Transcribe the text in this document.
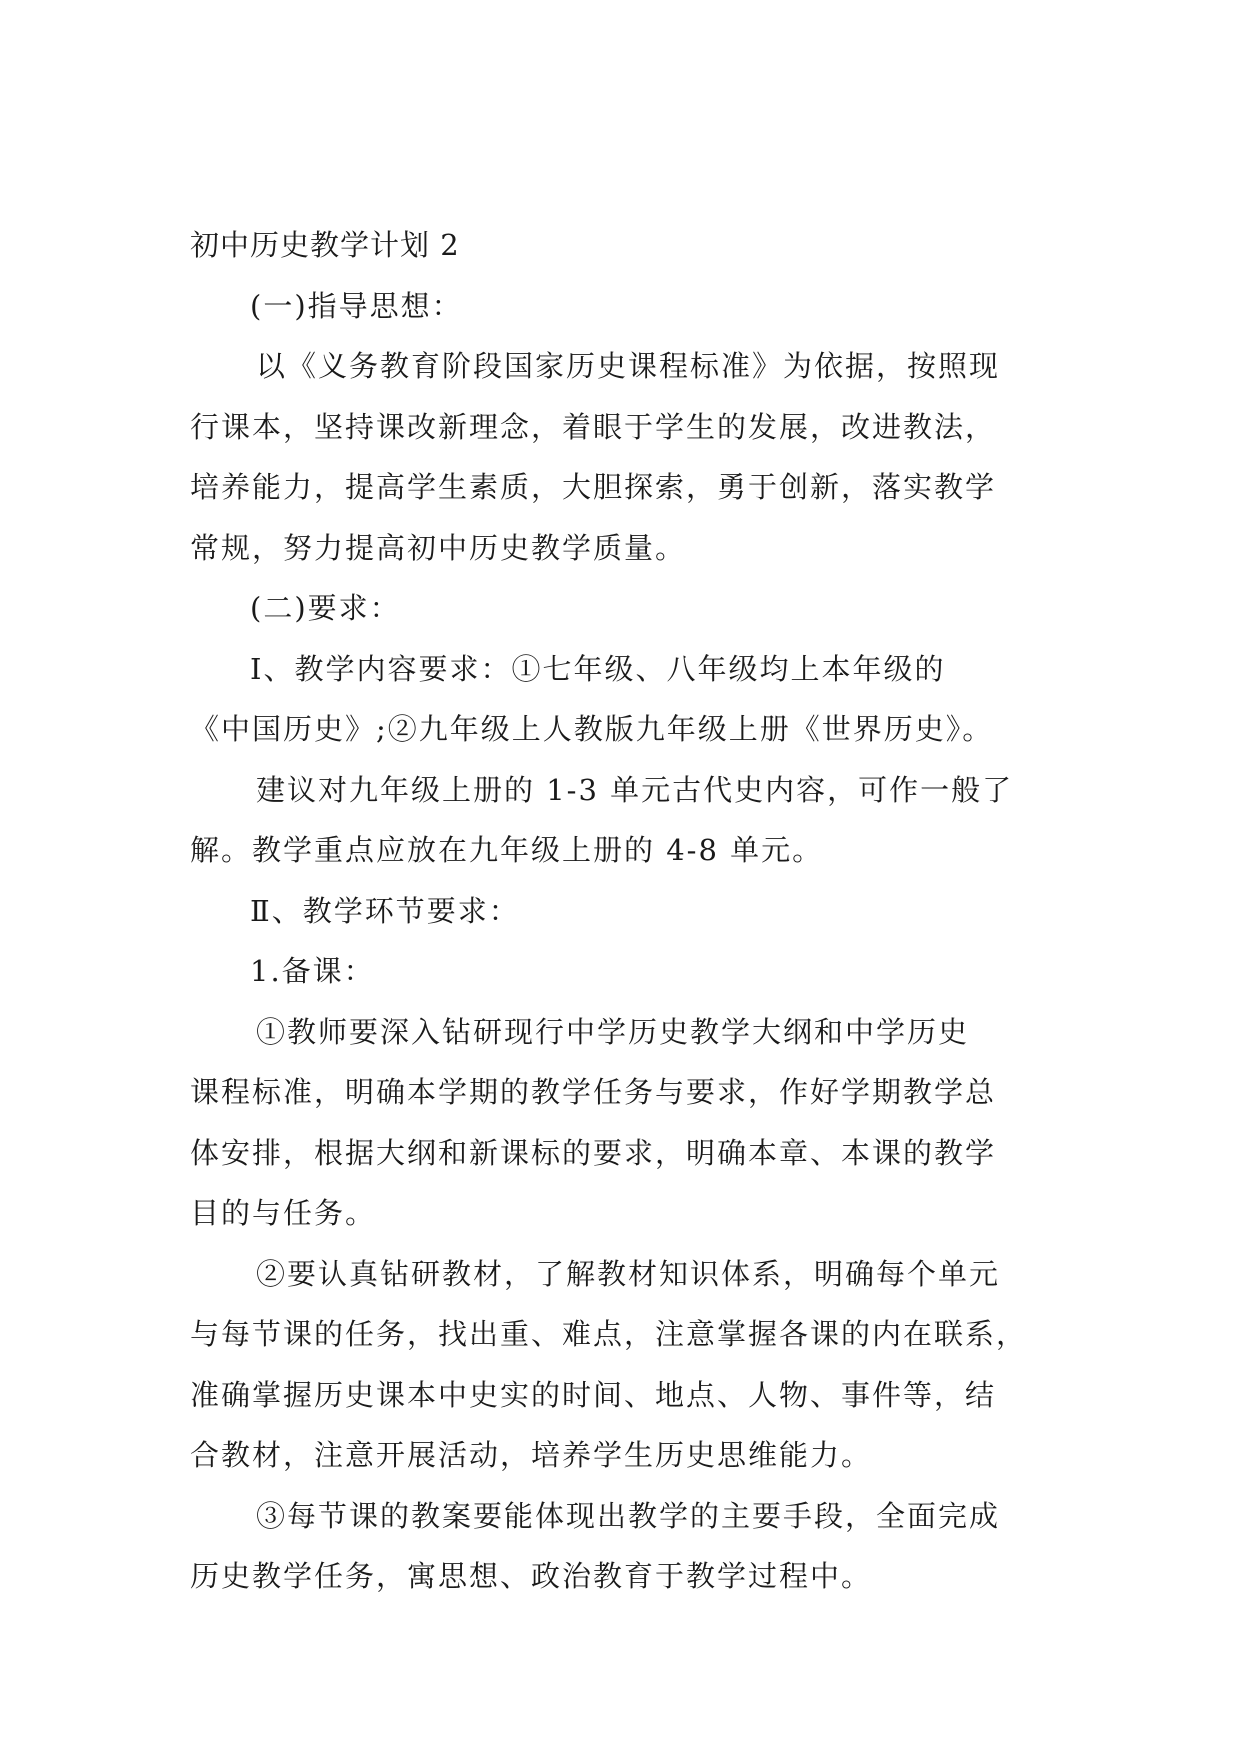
初中历史教学计划 2
(一)指导思想：
以《义务教育阶段国家历史课程标准》为依据，按照现
行课本，坚持课改新理念，着眼于学生的发展，改进教法，
培养能力，提高学生素质，大胆探索，勇于创新，落实教学
常规，努力提高初中历史教学质量。
(二)要求：
Ⅰ、教学内容要求：①七年级、八年级均上本年级的
《中国历史》;②九年级上人教版九年级上册《世界历史》。
建议对九年级上册的 1-3 单元古代史内容，可作一般了
解。教学重点应放在九年级上册的 4-8 单元。
Ⅱ、教学环节要求：
1.备课：
①教师要深入钻研现行中学历史教学大纲和中学历史
课程标准，明确本学期的教学任务与要求，作好学期教学总
体安排，根据大纲和新课标的要求，明确本章、本课的教学
目的与任务。
②要认真钻研教材，了解教材知识体系，明确每个单元
与每节课的任务，找出重、难点，注意掌握各课的内在联系，
准确掌握历史课本中史实的时间、地点、人物、事件等，结
合教材，注意开展活动，培养学生历史思维能力。
③每节课的教案要能体现出教学的主要手段，全面完成
历史教学任务，寓思想、政治教育于教学过程中。
